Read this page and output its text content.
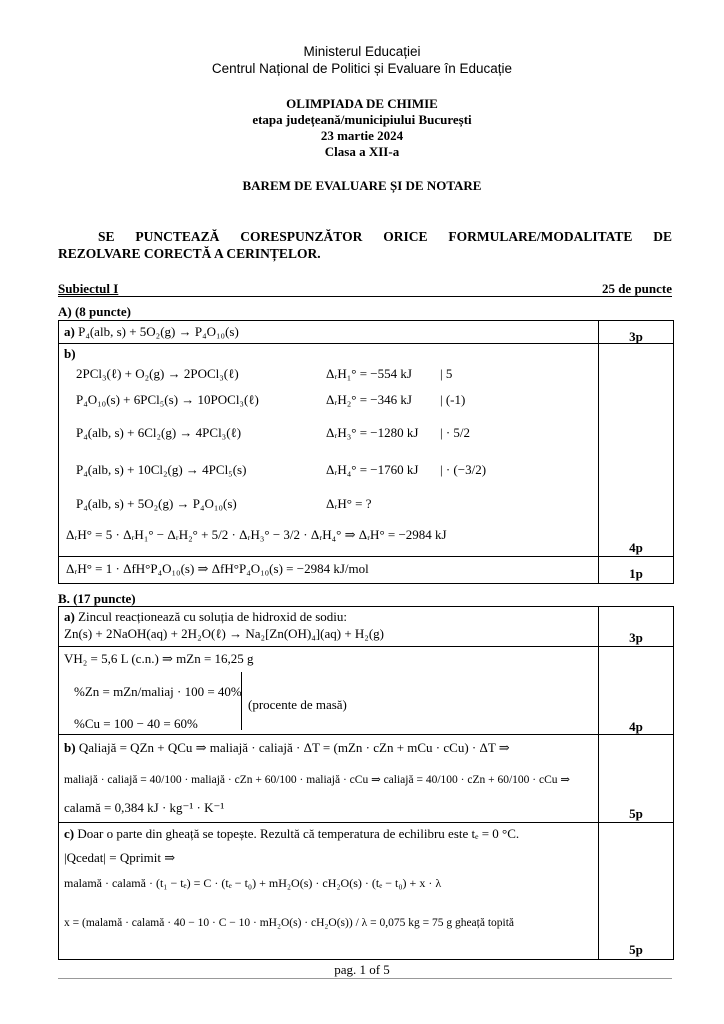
Ministerul Educației
Centrul Național de Politici și Evaluare în Educație
OLIMPIADA DE CHIMIE
etapa județeană/municipiului București
23 martie 2024
Clasa a XII-a
BAREM DE EVALUARE ȘI DE NOTARE
SE PUNCTEAZĂ CORESPUNZĂTOR ORICE FORMULARE/MODALITATE DE
REZOLVARE CORECTĂ A CERINȚELOR.
Subiectul I	25 de puncte
A) (8 puncte)
a) P₄(alb, s) + 5O₂(g) → P₄O₁₀(s)	3p
b)
2PCl₃(ℓ) + O₂(g) → 2POCl₃(ℓ)	ΔᵣH₁° = −554 kJ | 5
P₄O₁₀(s) + 6PCl₅(s) → 10POCl₃(ℓ)	ΔᵣH₂° = −346 kJ | (-1)
P₄(alb, s) + 6Cl₂(g) → 4PCl₃(ℓ)	ΔᵣH₃° = −1280 kJ | · 5/2
P₄(alb, s) + 10Cl₂(g) → 4PCl₅(s)	ΔᵣH₄° = −1760 kJ | · (−3/2)
P₄(alb, s) + 5O₂(g) → P₄O₁₀(s)	ΔᵣH° = ?
ΔᵣH° = 5 · ΔᵣH₁° − ΔᵣH₂° + 5/2 · ΔᵣH₃° − 3/2 · ΔᵣH₄° ⇒ ΔᵣH° = −2984 kJ
4p
ΔᵣH° = 1 · ΔfH°P₄O₁₀(s) ⇒ ΔfH°P₄O₁₀(s) = −2984 kJ/mol	1p
B. (17 puncte)
a) Zincul reacționează cu soluția de hidroxid de sodiu:
Zn(s) + 2NaOH(aq) + 2H₂O(ℓ) → Na₂[Zn(OH)₄](aq) + H₂(g)	3p
VH₂ = 5,6 L (c.n.) ⇒ mZn = 16,25 g
%Zn = mZn/maliaj · 100 = 40%
%Cu = 100 − 40 = 60%
(procente de masă)
4p
b) Qaliajă = QZn + QCu ⇒ maliajă · caliajă · ΔT = (mZn · cZn + mCu · cCu) · ΔT ⇒
maliajă · caliajă = 40/100 · maliajă · cZn + 60/100 · maliajă · cCu ⇒ caliajă = 40/100 · cZn + 60/100 · cCu ⇒
calamă = 0,384 kJ · kg⁻¹ · K⁻¹	5p
c) Doar o parte din gheață se topește. Rezultă că temperatura de echilibru este tₑ = 0 °C.
|Qcedat| = Qprimit ⇒
malamă · calamă · (t₁ − tₑ) = C · (tₑ − t₀) + mH₂O(s) · cH₂O(s) · (tₑ − t₀) + x · λ
x = (malamă · calamă · 40 − 10 · C − 10 · mH₂O(s) · cH₂O(s)) / λ = 0,075 kg = 75 g gheață topită
5p
pag. 1 of 5
